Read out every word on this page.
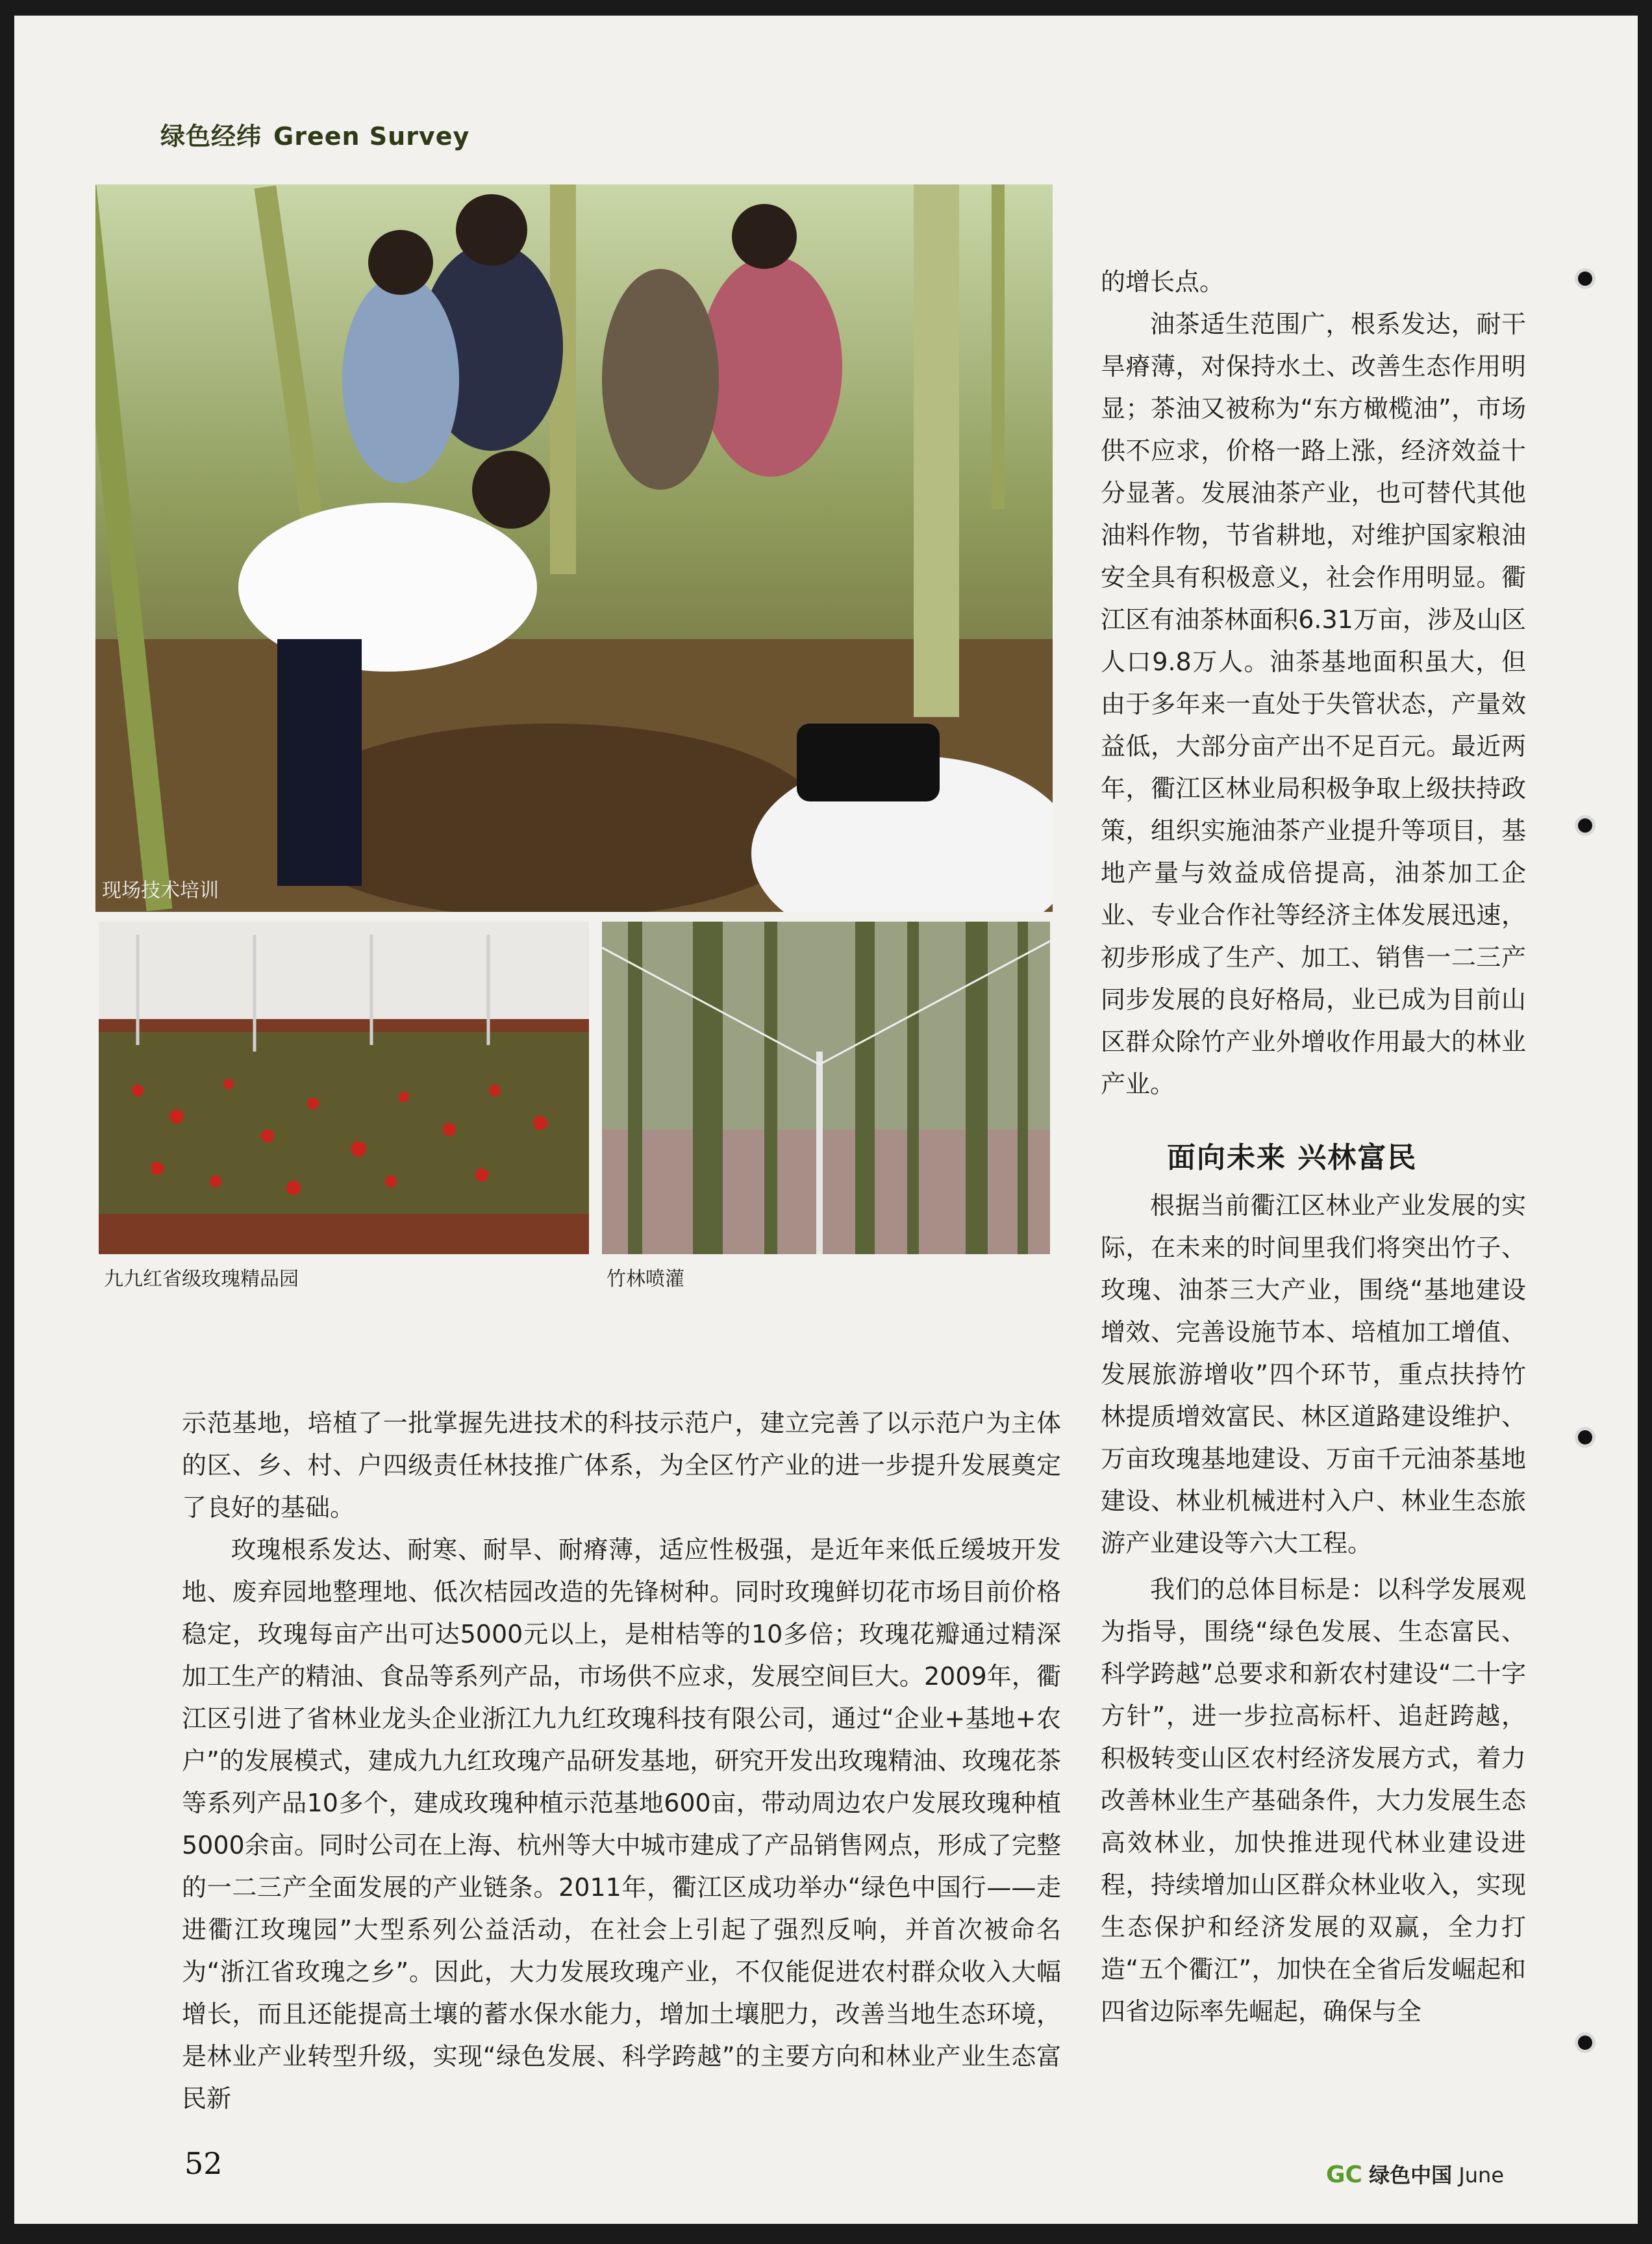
绿色经纬 Green Survey
现场技术培训
九九红省级玫瑰精品园	竹林喷灌

的增长点。

油茶适生范围广，根系发达，耐干旱瘠薄，对保持水土、改善生态作用明显；茶油又被称为“东方橄榄油”，市场供不应求，价格一路上涨，经济效益十分显著。发展油茶产业，也可替代其他油料作物，节省耕地，对维护国家粮油安全具有积极意义，社会作用明显。衢江区有油茶林面积6.31万亩，涉及山区人口9.8万人。油茶基地面积虽大，但由于多年来一直处于失管状态，产量效益低，大部分亩产出不足百元。最近两年，衢江区林业局积极争取上级扶持政策，组织实施油茶产业提升等项目，基地产量与效益成倍提高，油茶加工企业、专业合作社等经济主体发展迅速，初步形成了生产、加工、销售一二三产同步发展的良好格局，业已成为目前山区群众除竹产业外增收作用最大的林业产业。

面向未来 兴林富民

根据当前衢江区林业产业发展的实际，在未来的时间里我们将突出竹子、玫瑰、油茶三大产业，围绕“基地建设增效、完善设施节本、培植加工增值、发展旅游增收”四个环节，重点扶持竹林提质增效富民、林区道路建设维护、万亩玫瑰基地建设、万亩千元油茶基地建设、林业机械进村入户、林业生态旅游产业建设等六大工程。

我们的总体目标是：以科学发展观为指导，围绕“绿色发展、生态富民、科学跨越”总要求和新农村建设“二十字方针”，进一步拉高标杆、追赶跨越，积极转变山区农村经济发展方式，着力改善林业生产基础条件，大力发展生态高效林业，加快推进现代林业建设进程，持续增加山区群众林业收入，实现生态保护和经济发展的双赢，全力打造“五个衢江”，加快在全省后发崛起和四省边际率先崛起，确保与全

示范基地，培植了一批掌握先进技术的科技示范户，建立完善了以示范户为主体的区、乡、村、户四级责任林技推广体系，为全区竹产业的进一步提升发展奠定了良好的基础。

玫瑰根系发达、耐寒、耐旱、耐瘠薄，适应性极强，是近年来低丘缓坡开发地、废弃园地整理地、低次桔园改造的先锋树种。同时玫瑰鲜切花市场目前价格稳定，玫瑰每亩产出可达5000元以上，是柑桔等的10多倍；玫瑰花瓣通过精深加工生产的精油、食品等系列产品，市场供不应求，发展空间巨大。2009年，衢江区引进了省林业龙头企业浙江九九红玫瑰科技有限公司，通过“企业+基地+农户”的发展模式，建成九九红玫瑰产品研发基地，研究开发出玫瑰精油、玫瑰花茶等系列产品10多个，建成玫瑰种植示范基地600亩，带动周边农户发展玫瑰种植5000余亩。同时公司在上海、杭州等大中城市建成了产品销售网点，形成了完整的一二三产全面发展的产业链条。2011年，衢江区成功举办“绿色中国行——走进衢江玫瑰园”大型系列公益活动，在社会上引起了强烈反响，并首次被命名为“浙江省玫瑰之乡”。因此，大力发展玫瑰产业，不仅能促进农村群众收入大幅增长，而且还能提高土壤的蓄水保水能力，增加土壤肥力，改善当地生态环境，是林业产业转型升级，实现“绿色发展、科学跨越”的主要方向和林业产业生态富民新

52	GC 绿色中国 June
